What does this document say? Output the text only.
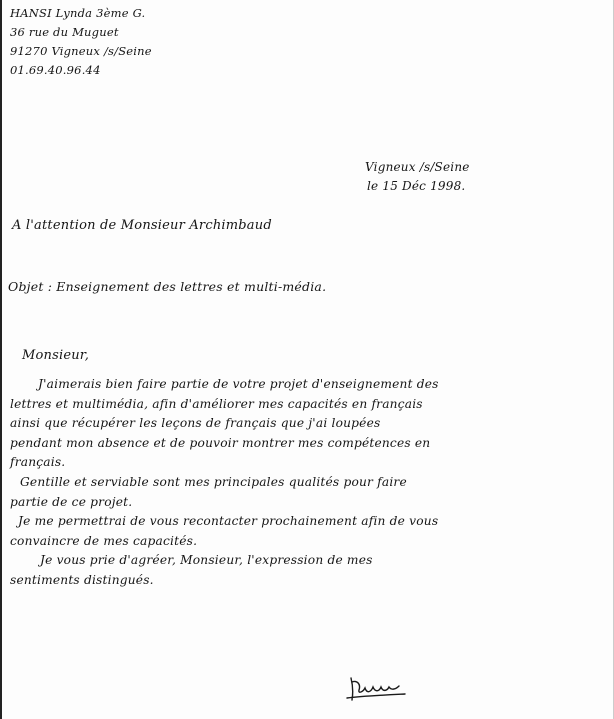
HANSI Lynda 3ème G.
36 rue du Muguet
91270 Vigneux /s/Seine
01.69.40.96.44
Vigneux /s/Seine
le 15 Déc 1998.
A l'attention de Monsieur Archimbaud
Objet : Enseignement des lettres et multi-média.
Monsieur,
J'aimerais bien faire partie de votre projet d'enseignement des
lettres et multimédia, afin d'améliorer mes capacités en français
ainsi que récupérer les leçons de français que j'ai loupées
pendant mon absence et de pouvoir montrer mes compétences en
français.
Gentille et serviable sont mes principales qualités pour faire
partie de ce projet.
Je me permettrai de vous recontacter prochainement afin de vous
convaincre de mes capacités.
Je vous prie d'agréer, Monsieur, l'expression de mes
sentiments distingués.
